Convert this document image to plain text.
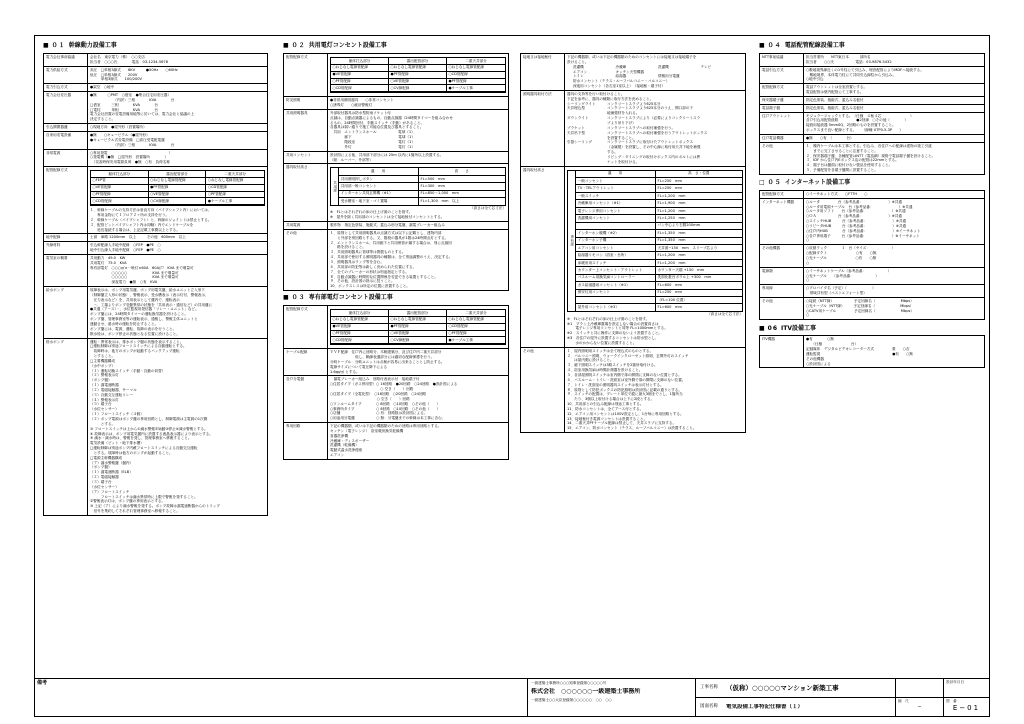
■ ０１ 幹線動力設備工事
電力会社事前協議	会社名　東京電力（株）　○○支店
担当者　○○○氏　　　　電話　03-1234-5678
電力供給方式	高圧　□単相3線式　　6KV　　　●50Hz　　○60Hz
低圧　□単相3線式　　200V
　　　単相3線式　　100/200V
電力引込方式	●架空　○地中
電力会社変圧器	●無　　　○PMT　○借室　●集合住宅用変圧器）
　　　　　　　（内訳）三相　　　　KVA　　　　台
□借室　　　三相　　　　KVA　　　　台
□電柱　　　単相　　　　KVA　　　　台
電力会社設置の変電設備用地等に於いては、電力会社と協議の上
決定すること。
引込開閉器盤	○現地方向　●屋外形（設置場所）
自家用変電設備	●無　　○キュービクル（●屋外形）
●キュービクル式変電設備　□高圧受電配電盤
　　　　　　　（内訳）三相　　　　KVA　　　　台
非常電源	○専用発電　　　　　　　　　　　　　　　　　）
○発電機（●無　□屋外形　設置場所　　　　）
　（災害時保安用電源負荷　●無　○有　負荷名称
配管配線方式
躯体打込部分	露出配管部分	二重天井部分
○FEP管	○ねじなし電線管配線	○ねじなし電線管配線
○VE管配線	●PF管配線	○CD管配線
○PF管配線	○VE管配線	○PF管配線
○CD管配線	○CV線配線	●ケーブル工事
１．幹線ケーブルの支持方法は垂直方向（パイプシャフト内）においては、
　　専用金物にて１フロア２ヶ所の支持を行う。
２．幹線ケーブル（パイプシャフト）と、幹線のジョイントは禁止とする。
３．配管ピットパイプシャフト内は同軸）内でエンドケーブルを
　　延長接続する場合は、上記記載工事費以上とする。
地中配線	土被　車路 1200mm　以上　　　その他　600mm　以上
外線材料	引込幹配線人手地中配線　○FEP　●PE　○
地中引込線人手地中配線　○FEP　●PE　○
電気室の概要	共用動力　49.0　KW
共用電灯　75.0　KVA
専有部電灯　○○○㎡×一般灯×60A　60A/戸　KVA まで増量可
　　　　　　○○○○○　　　　　　　KVA まで増量可
　　　　　　○○○○○　　　　　　　KVA まで増量可
　　　　　　深夜電力　●無　○有　KVA
給水ポンプ	故障表示は、ポンプ用電気盤、ポンプ用電気盤、給水ユニット立入形下
（制御盤立入形の状態）、警報表示、受水槽表示（表示灯付、警報表示、
　圧力表示など）を、共用表示として盤内で、運転表示
　〜、工場よりポンプ変動異常の状態を「共用表示・通信など）の共用盤に
●共通（アース）・、水位監視用発信器「リレー・ユニット」など。
ポンプ盤には、24時間タイマーの運転換気器を設けること。
ポンプ盤、管理事務室等の運転表示、通報し、警報主体ユニットと
連動させ、渇水時の運転を防止すること。
ポンプ盤には、電源、運転、故障の表示を行うこと。
散水栓は、ポンプ停止の状態となる位置に設けること。
排水ポンプ	運転・異常表示は、排水ポンプ盤の状態を表示すること。
□運転制御は別途フロートスイッチによる自動運転とする。
　故障時は、他方のポンプが起動するバックアップ運転
　とすること。
□主要機器構成
（水中ポンプ）
（１）運転切換スイッチ（手動・自動の切替）
（２）警報表示灯
（ポンプ盤）
（１）漏電遮断器
（２）電磁接触器、サーマル
（３）自動交互運転リレー
（４）警報表示灯
（５）端子台
（水位センサー）
（１）フロートスイッチ（４個）
（２）ポンプ電源はポンプ盤の専用回路とし、制御電源は主電源の1次側
　　　とする。
③ フロートスイッチは上から①満水警報②始動③停止④減水警報とする。
④ 故障表示は、ポンプ用電気盤内に設置する液晶表示器により表示とする。
⑤ 満水・減水時は、警報を発し、管理事務室へ移報すること。
電気設備（ビット・地下排水槽）
□運転制御は別途ポンプ内蔵フロートスイッチによる自動交互運転
　とする。故障時は他方のポンプが起動すること。
□電源主幹機器構成
（ア）漏水警報盤（盤内）
（ポンプ盤）
（１）漏電遮断器（ELB）
（２）電磁接触器
（３）端子台
（水位センサー）
（ア）フロートスイッチ
　　　フロートスイッチは満水異常時に上限で警報を発すること。
②警報表示灯は、ポンプ盤の専用表示とする。
③ 上記（ア）により満水警報を発する。ポンプ故障は漏電遮断器からのトリップ
　信号を集約してそれぞれ管理事務室へ移報すること。
■ ０２ 共用電灯コンセント設備工事
配管配線方式
躯体打込部分	露出配管部分	二重天井部分
○ねじなし電線管配線	○ねじなし電線管配線	○ねじなし電線管配線
●VE管配線	●PF管配線	○CD管配線
○PF管配線	○VE管配線	●PF管配線
○CD管配線	○CV線配線	●ケーブル工事
防災照明	●非常用照明器具　　○非常コンセント
○誘導灯　　○統計警報灯
共用照明器具	外部取付器具は防水型防雨ソケット付
点滅は、自動点滅器によるもの、自動点滅器（24時間タイマーを組み合わせ
るもの、24時間回付、手動スイッチ（手動）があること。
各器具は弱い通りで施工可能な位置及び器具とすること。
　共用　エントランスホール　　　　　　電球（1）
　　　　廊下　　　　　　　　　　　　　電球（1）
　　　　階段室　　　　　　　　　　　　電灯（1）
　　　　外灯　　　　　　　　　　　　　電灯（1）
共用コンセント	設計図による他、共用部下部分には 25m 以内に1箇所以上設置する。
（除：ルーバー、外部等）
器具取付高さ
共用部
適　　用	高　　さ
共用照明押しボタン	FL=500　mm
共用部一般コンセント	FL=300　mm
インターホン共同玄関機（※1）	FL=850～1,000　mm
受水槽室・地下室・ゴミ置場	FL=1,300　mm　以上
（高さは全て芯寸法）
※　FLとはそれぞれの床の仕上げ面のことを指す。
※　屋外を除く共用部のコンセントは全て接地極付コンセントとする。
共用電源	製作物　指定色塗装、施錠式、蓋込み形分電盤、漏電ブレーカー組込み
その他	１．原則として共用照明器具の点滅方式は以下に記載とし、建物内部
　　と外部を別回路とする。又、階段の器具が1階は24時間点灯とする。
２．エントランスホール、共用廊下と共用保管が属する場合は、別に点滅回
　　路を設けること。
３．共用照明器具に管球等は既製ものとする。
４．共用部で使用する照明器具の種類は、全て別途調整のうえ、決定する。
５．照明器具はランプ等を含む。
６．共用部の防犯等は新しく決められた位置にする。
７．全てのブレーカーの形状は別途指定とする。
８．自動点滅器に時間的な位置関係を変更できる装置とすること。
９．その他、設計図の指示に従うこと。
10．ボックスレスは所定の位置に設置すること。
■ ０３ 専有部電灯コンセント設備工事
配管配線方式
躯体打込部分	露出配管部分	二重天井部分
○ねじなし電線管配線	○ねじなし電線管配線	○ねじなし電線管配線
●VE管配線	●PF管配線	○CD管配線
○PF管配線	○VE管配線	○PF管配線
○CD管配線	○CV線配線	●ケーブル工事
ケーブル配線	ＶＶＦ配線　住戸内に回路分、木軸建築分、及び住戸内二重天井部分
　　　　　　　低し、軸線表通部分には適切な配線保護を行う。
分岐ケーブル：分岐ユニットは点検が容易に出来ることとし防止する。
電線サイズについて電圧降下による
1.6㎜/㎡ とする。
各戸分電盤	　漏電ブレーカー組込み　回路付表表示付　接地端子付
○住居タイプ（ガス併用型）○ 16回路　●20回路　○24回路　●設計図による
　　　　　　　　　　　　　　○ 空き（　　）回路
○住居タイプ（全電化型）　○16回路　○20回路　○24回路
　　　　　　　　　　　　　○ 空き（　　）回路
○ワンルームタイプ　　　　○ 8回路　○10回路　○その他（　　）
○事務所タイプ　　　　　　○ 8回路　○10回路　○その他（　　）
○店舗　　　　　　　　　　○ 有：回路数は設計図による。
○用途用分電盤　　　　　　○ 無：分電盤までの幹線は本工事に含む。
専用回路	下記の機器類、或いは下記の機器類のための回路は専用回路とする。
キッチン（電子レンジ）　浴室暖房換気乾燥機
食器洗浄機
冷蔵庫・ディスポーザー
洗濯機（乾燥機）
電動式温水洗浄便座
エアコン
接地又は接地極付	下記の機器類、或いは下記の機器類のためのコンセントには接地又は接地端子を
設けること。
洗濯機	冷蔵庫	洗濯機	テレビ
エアコン	キッチン天型機器
トイレ	給湯器	情報用分電盤
防水コンセント（テラス・ルーフバルコニー・バルコニー）
深夜用コンセント（各衣室1室以上）　（接地極・端子付）
照明器具取付方法	器具の支持等を行い取付けること。
下記を参考に、器具の種類に取付方法を決めること。
シーリングライト	コンクリートスラブより625本分
天井埋込型	コンクリートスラブより625本分のうえ、開口部の下
地補強材を入れる。
ダウンライト	コンクリートスラブにより（必要によりコンクリートスラ
ブより吊り下げ）
ブラケット	コンクリートスラブへの取付補強を行う。
天井吊下型	コンクリートスラブへの取付補強を行うアウトレットボックス
を設置すること。
引掛シーリング	コンクリートスラブに取付けたアウトレットボックス
（金属製）を設置し、その中心線に取付用天井下地を補強
する。
リビング・ダイニングの取付けボックス内のボルトには異
ナットを取付ける。
器具取付高さ
専有部
適　　用	高　さ・位置
一般コンセント	FL=250　mm
TV・TELアウトレット	FL=250　mm
一般スイッチ	FL=1,200　mm
冷蔵庫用コンセント（※1）	FL=1,900　mm
電子レンジ専用コンセント	FL=1,200　mm
洗濯機用コンセント	FL=1,250　mm
パン中心より右側200mm
インターホン親機（※2）	FL=1,350　mm
インターホン子機	FL=1,350　mm
エアコン用コンセント	天井面−150　mm　スリーブ芯より
給湯器リモコン（浴室・台所）	FL=1,200　mm
床暖房用スイッチ	FL=1,200　mm
カウンター上コンセント・アウトレット	カウンター天端 +150　mm
バスルーム用換気扇コントローラー	洗面化粧台ボウル上 +300　mm
ガス給湯器用コンセント（※1）	FL=600　mm
保安灯用コンセント	FL=250　mm
（FL=100 位置）
屋外用コンセント（※3）	FL=600　mm
（高さは全て芯寸法）
※　FLとはそれぞれの床の仕上げ面のことを指す。
※1　プラン上冷蔵庫置場を設定しない場合の設置高さは
　　 電子レンジ専用コンセントと同等 FL=1000mmとする。
※2　スイッチと共に操作に支障のないよう設置すること。
※3　各住戸の屋外に設置するコンセントは防水型とし、
　　 水のかからない位置に設置すること。
その他	１．屋内照明用スイッチは全て埋込式のものとする。
２．バルコニー照明、ウォークインクローゼット照明、玄関外灯のスイッチ
　　は屋内側に設けること。
３．廊下照明スイッチは3路スイッチを2箇所取付ける。
４．浴室用換気扇は時間計測器を設けること。
５．各部屋照明スイッチは室内側で扉の開閉に支障のない位置とする。
６．バスルーム・トイレ・洗面室は室外側で扉の開閉に支障のない位置。
７．トイレ・洗面室の照明器具スイッチは表示灯付とする。
８．原則として防犯ボックスの防犯照明は設計図に記載の通りとする。
９．スイッチの配置は、プレート単位で縦に最大3個までとし、1箇所当
　　たり、3個以上取付ける場合は上下に2段とする。
10．共用部との引込み配線は別途工事とする。
11．防水コンセントは、全てアース付とする。
12．エアコン用コンセントは100V設定とし、1台毎に専用回路とする。
13．接地極付き電源コンセントは設置すること。
14．二重天井PFケーブル配線は禁止して、天井スラブに支持する。
15．エアコン、防水コンセント（テラス、ルーフバルコニー）は設置すること。
■ ０４ 電話配管配線設備工事
NTT事前協議	担当営業所　　NTT東日本　　　部所名
担当者　　○○氏　　　　　　電話：03-9876-5432
電話引込方式	○敷地境界線近くの1号柱にて引込み、埋設配管によりMDFへ接続する。
　敷地境界、本体電力柱にて共同引込線柱から引込み。
○地中引込
配管配線方式	電話アウトレットは全室設置とする。
電話配管は壁内配管にて工事する。
保安器端子盤	指定色塗装、施錠式、蓋込み名板付
電話端子盤	指定色塗装、施錠式、蓋込み名板付
住戸アウトレット	モジュラージャックとする。（仕様　４極４芯　　　　　　　　）
各戸引込用配管経路　　　　　●2回線　○その他（　　　　）
接続用接続器 5mmSQ、2回路のものを設置すること。
ボックスまで良い配線とする。　　（線種 UTP0.5-3P　　）
住戸電話機器	●無　　○有　（　　　　台）
その他	１．棟内ケーブルは本工事とする。引込み、各住戸への配線は建物の竣工引渡
　　までに完了させることに注意すること。
２．保安器端子盤、各種配管はNTT（電話網）規格で電話端子盤を設けること。
３．IDF から住戸内Eボックス迄の配管は22mmとする。
４．端子台は盤面に取付けない製品を使用すること。
５．予備配管を各端子盤間に設置すること。
□ ０５ インターネット設備工事
配管配線方式	○イーサネット方式　　○FTTH　　○
インターネット機器	○ルータ　　　　　台（参考品番：　　　　　　　）※共通
○ルータ用電源ケーブル　台（参考品番：　　　　　　　）※共通
○ルータ用ソフト　　台（参考品番：　　　　　　　）※共通
○ＯＡ　　　　　　台（参考品番：　　　　　　　）※共通
○スイッチHUB　　　台（参考品番：　　　　　　　）※共通
○リピータHUB　　　台（参考品番：　　　　　　　）※共通
○住戸内HUB　　　　台（参考品番：　　　　　　　）※イーサネット
○各戸専用端子　　　台（参考品番：　　　　　　　）※イーサネット
○
その他機器	○収納ラック　　　　１　台（サイズ：　　　　　　）
○配線ダクト　　　　　　　　○有　　○無
○光ケーブル　　　　　　　　○有　　○無
○
電線類	○イーサネットケーブル（参考品番：　　　　　　）
○光ケーブル　　（参考品番：　　　　　　）
○
専用線	○プロバイダ名（予定）（　　　　　　　）
　帯域共有型（ベストエフォート型）
その他	○接続（NTT線）　　　　　　予定回線名（　　　　　　　Mbps）
○光ケーブル（NTT線）　　　予定回線名（　　　　　　　Mbps）
○CATV用ケーブル　　　　　予定回線名（　　　　　　　Mbps）
○
■ 06 ITV設備工事
ITV機器	●有　　　　○無
　　（仕様　　　　　　　　台）
記録媒体　デジタルビデオレコーダー方式　　　　　要　　○否
運転監視　　　　　　　　　　　　　　　　　　　　●有　　○無
その他機器
○設計図による
備考	一級建築士事務所○○○知事登録第○○○○○号
株式会社　○○○○○○一級建築士事務所
一級建築士○○大臣登録第○○○○○○　○○　○○
工事名称 （仮称）○○○○○マンション新築工事
図面名称 電気設備工事特記仕様書（１）
縮　尺
−
設計年月日
図　番
E−01
